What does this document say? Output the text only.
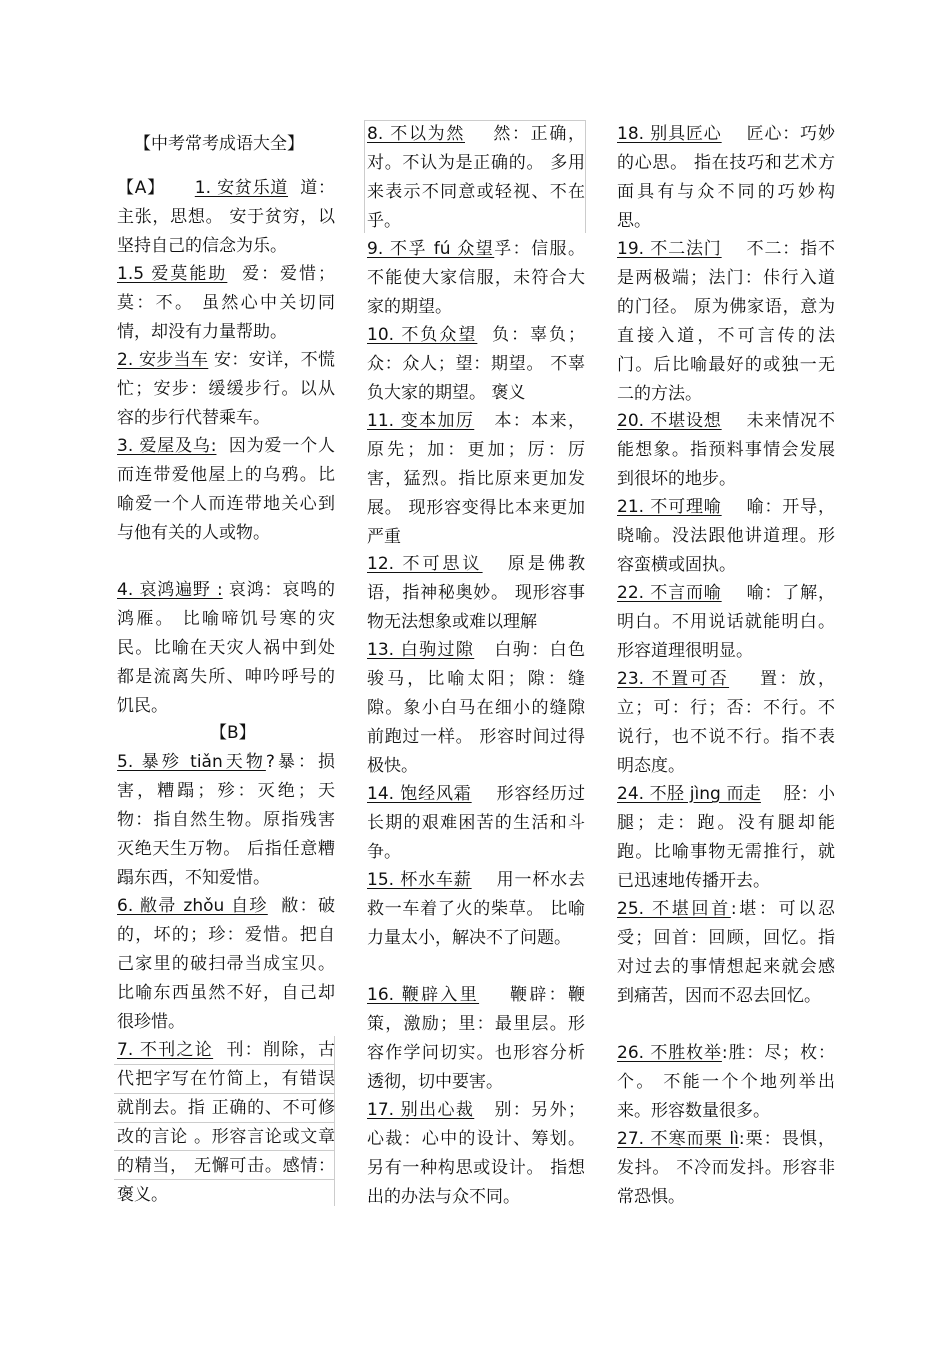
【中考常考成语大全】
【A】 1. 安贫乐道 道：主张，思想。 安于贫穷，以坚持自己的信念为乐。
1.5 爱莫能助 爱：爱惜；莫：不。 虽然心中关切同情，却没有力量帮助。
2. 安步当车 安：安详，不慌忙；安步：缓缓步行。以从容的步行代替乘车。
3. 爱屋及乌: 因为爱一个人而连带爱他屋上的乌鸦。比喻爱一个人而连带地关心到与他有关的人或物。
4. 哀鸿遍野 : 哀鸿：哀鸣的鸿雁。 比喻啼饥号寒的灾民。比喻在天灾人祸中到处都是流离失所、呻吟呼号的饥民。
【B】
5. 暴殄 tiǎn天物?暴：损害，糟蹋；殄：灭绝；天物：指自然生物。原指残害灭绝天生万物。 后指任意糟蹋东西，不知爱惜。
6. 敝帚 zhǒu 自珍 敝：破的，坏的；珍：爱惜。把自己家里的破扫帚当成宝贝。比喻东西虽然不好，自己却很珍惜。
7. 不刊之论 刊：削除，古代把字写在竹简上，有错误就削去。指 正确的、不可修改的言论 。形容言论或文章的精当， 无懈可击。感情： 褒义。
8. 不以为然 然：正确，对。不认为是正确的。 多用来表示不同意或轻视、不在乎。
9. 不孚 fú 众望孚：信服。不能使大家信服，未符合大家的期望。
10. 不负众望 负：辜负；众：众人；望：期望。 不辜负大家的期望。 褒义
11. 变本加厉 本：本来，原先；加：更加；厉：厉害，猛烈。指比原来更加发展。 现形容变得比本来更加严重
12. 不可思议 原是佛教语，指神秘奥妙。 现形容事物无法想象或难以理解
13. 白驹过隙 白驹：白色骏马，比喻太阳；隙：缝隙。象小白马在细小的缝隙前跑过一样。 形容时间过得极快。
14. 饱经风霜 形容经历过长期的艰难困苦的生活和斗争。
15. 杯水车薪 用一杯水去救一车着了火的柴草。 比喻力量太小，解决不了问题。
16. 鞭辟入里 鞭辟：鞭策，激励；里：最里层。形容作学问切实。也形容分析透彻，切中要害。
17. 别出心裁 别：另外；心裁：心中的设计、筹划。另有一种构思或设计。 指想出的办法与众不同。
18. 别具匠心 匠心：巧妙的心思。 指在技巧和艺术方面具有与众不同的巧妙构思。
19. 不二法门 不二：指不是两极端；法门：佧行入道的门径。 原为佛家语，意为直接入道，不可言传的法门。后比喻最好的或独一无二的方法。
20. 不堪设想 未来情况不能想象。指预料事情会发展到很坏的地步。
21. 不可理喻 喻：开导，晓喻。没法跟他讲道理。形容蛮横或固执。
22. 不言而喻 喻：了解，明白。不用说话就能明白。形容道理很明显。
23. 不置可否 置：放，立；可：行；否：不行。不说行，也不说不行。指不表明态度。
24. 不胫 jìng 而走 胫：小腿；走：跑。没有腿却能跑。比喻事物无需推行，就已迅速地传播开去。
25. 不堪回首:堪：可以忍受；回首：回顾，回忆。指对过去的事情想起来就会感到痛苦，因而不忍去回忆。
26. 不胜枚举:胜：尽；枚：个。 不能一个个地列举出来。形容数量很多。
27. 不寒而栗 lì:栗：畏惧，发抖。 不冷而发抖。形容非常恐惧。
